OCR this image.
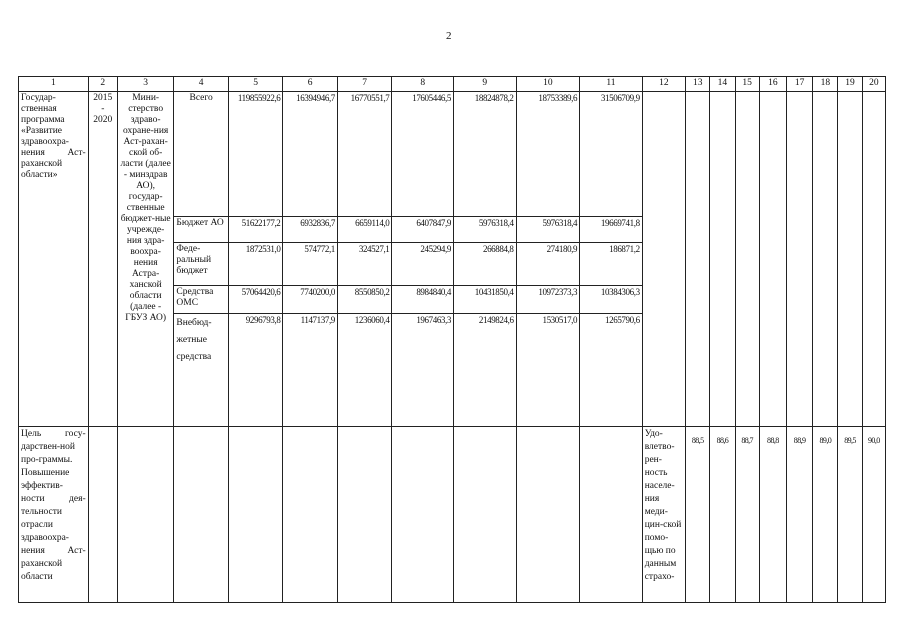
2
1	2	3	4	5	6	7	8	9	10	11	12	13	14	15	16	17	18	19	20
Государ-ственная программа «Развитие здравоохра-нения Аст-раханской области»	2015 - 2020	Мини-стерство здраво-охране-ния Аст-рахан-ской об-ласти (далее - минздрав АО), государ-ственные бюджет-ные учрежде-ния здра-воохра-нения Астра-ханской области (далее - ГБУЗ АО)	Всего	119855922,6	16394946,7	16770551,7	17605446,5	18824878,2	18753389,6	31506709,9									
			Бюджет АО	51622177,2	6932836,7	6659114,0	6407847,9	5976318,4	5976318,4	19669741,8									
			Феде-ральный бюджет	1872531,0	574772,1	324527,1	245294,9	266884,8	274180,9	186871,2									
			Средства ОМС	57064420,6	7740200,0	8550850,2	8984840,4	10431850,4	10972373,3	10384306,3									
			Внебюд-жетные средства	9296793,8	1147137,9	1236060,4	1967463,3	2149824,6	1530517,0	1265790,6									
Цель госу-дарствен-ной про-граммы. Повышение эффектив-ности дея-тельности отрасли здравоохра-нения Аст-раханской области											Удо-влетво-рен-ность населе-ния меди-цин-ской помо-щью по данным страхо-	88,5	88,6	88,7	88,8	88,9	89,0	89,5	90,0
